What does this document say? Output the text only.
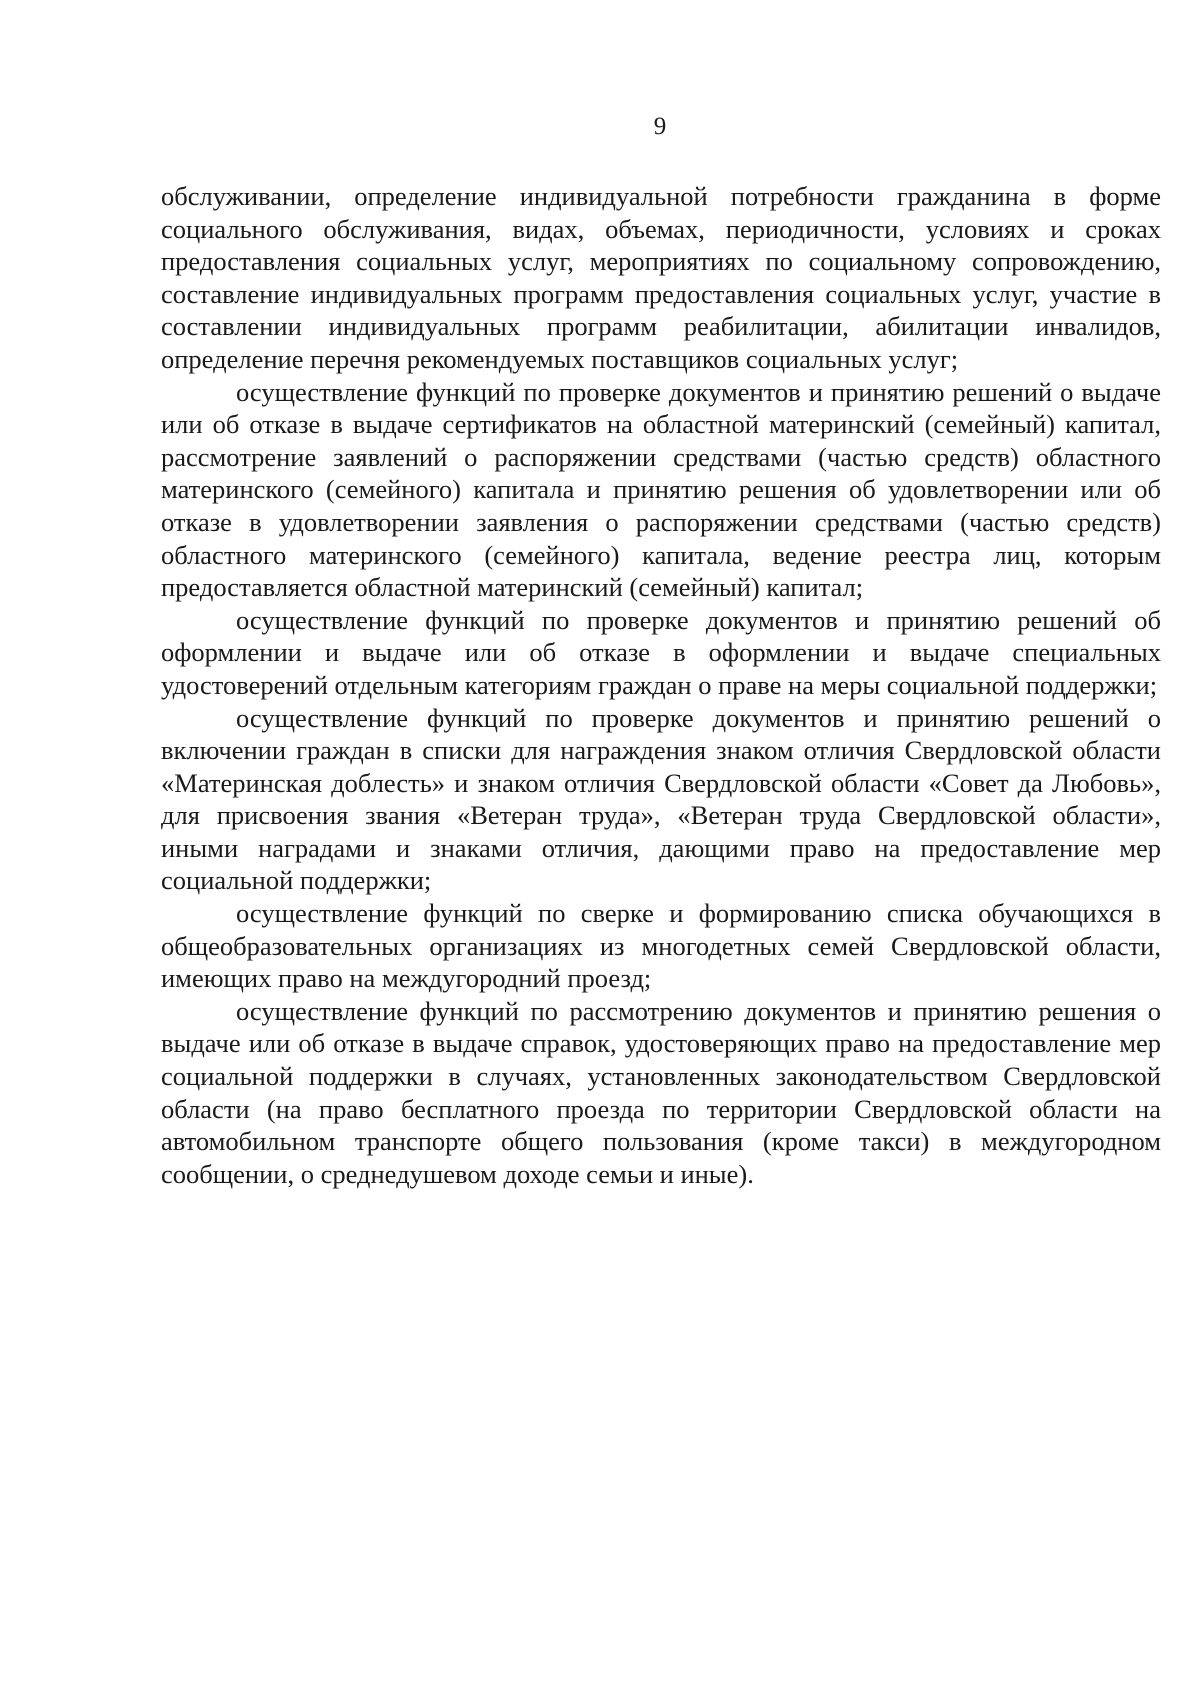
9

обслуживании, определение индивидуальной потребности гражданина в форме социального обслуживания, видах, объемах, периодичности, условиях и сроках предоставления социальных услуг, мероприятиях по социальному сопровождению, составление индивидуальных программ предоставления социальных услуг, участие в составлении индивидуальных программ реабилитации, абилитации инвалидов, определение перечня рекомендуемых поставщиков социальных услуг;

осуществление функций по проверке документов и принятию решений о выдаче или об отказе в выдаче сертификатов на областной материнский (семейный) капитал, рассмотрение заявлений о распоряжении средствами (частью средств) областного материнского (семейного) капитала и принятию решения об удовлетворении или об отказе в удовлетворении заявления о распоряжении средствами (частью средств) областного материнского (семейного) капитала, ведение реестра лиц, которым предоставляется областной материнский (семейный) капитал;

осуществление функций по проверке документов и принятию решений об оформлении и выдаче или об отказе в оформлении и выдаче специальных удостоверений отдельным категориям граждан о праве на меры социальной поддержки;

осуществление функций по проверке документов и принятию решений о включении граждан в списки для награждения знаком отличия Свердловской области «Материнская доблесть» и знаком отличия Свердловской области «Совет да Любовь», для присвоения звания «Ветеран труда», «Ветеран труда Свердловской области», иными наградами и знаками отличия, дающими право на предоставление мер социальной поддержки;

осуществление функций по сверке и формированию списка обучающихся в общеобразовательных организациях из многодетных семей Свердловской области, имеющих право на междугородний проезд;

осуществление функций по рассмотрению документов и принятию решения о выдаче или об отказе в выдаче справок, удостоверяющих право на предоставление мер социальной поддержки в случаях, установленных законодательством Свердловской области (на право бесплатного проезда по территории Свердловской области на автомобильном транспорте общего пользования (кроме такси) в междугородном сообщении, о среднедушевом доходе семьи и иные).
